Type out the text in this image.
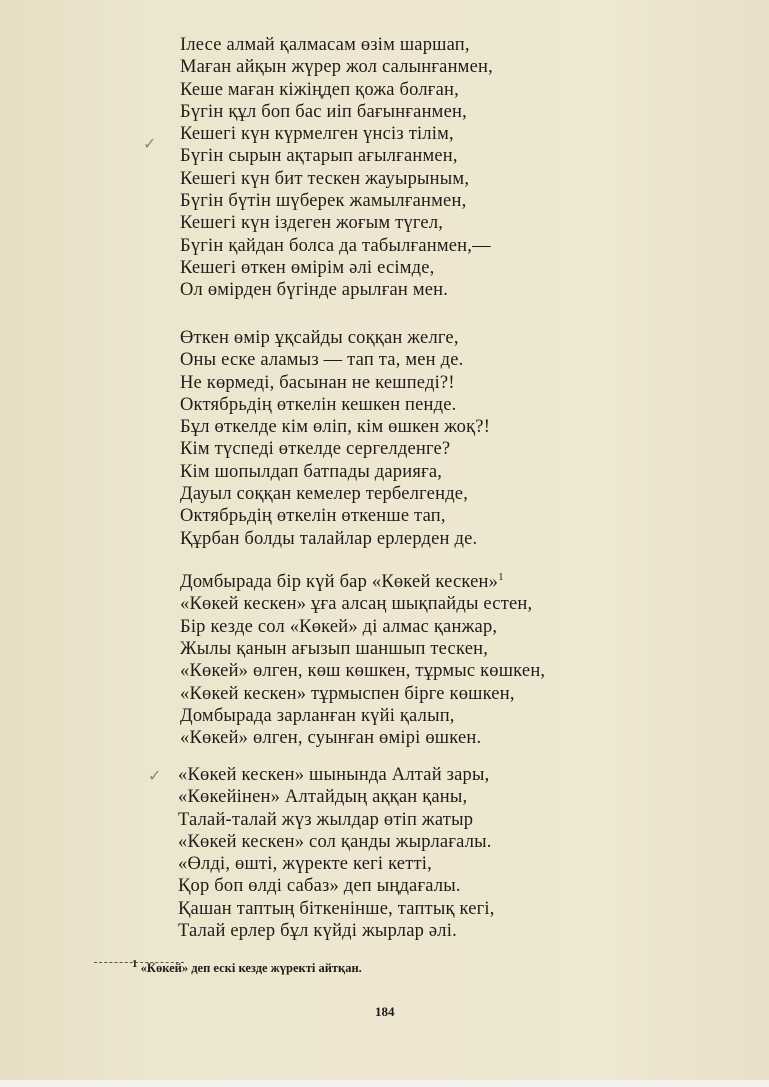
Ілесе алмай қалмасам өзім шаршап,
Маған айқын жүрер жол салынғанмен,
Кеше маған кіжіңдеп қожа болған,
Бүгін құл боп бас иіп бағынғанмен,
Кешегі күн күрмелген үнсіз тілім,
Бүгін сырын ақтарып ағылғанмен,
Кешегі күн бит тескен жауырыным,
Бүгін бүтін шүберек жамылғанмен,
Кешегі күн іздеген жоғым түгел,
Бүгін қайдан болса да табылғанмен,—
Кешегі өткен өмірім әлі есімде,
Ол өмірден бүгінде арылған мен.
Өткен өмір ұқсайды соққан желге,
Оны еске аламыз — тап та, мен де.
Не көрмеді, басынан не кешпеді?!
Октябрьдің өткелін кешкен пенде.
Бұл өткелде кім өліп, кім өшкен жоқ?!
Кім түспеді өткелде сергелденге?
Кім шопылдап батпады дарияға,
Дауыл соққан кемелер тербелгенде,
Октябрьдің өткелін өткенше тап,
Құрбан болды талайлар ерлерден де.
Домбырада бір күй бар «Көкей кескен»$^1$
«Көкей кескен» ұға алсаң шықпайды естен,
Бір кезде сол «Көкей» ді алмас қанжар,
Жылы қанын ағызып шаншып тескен,
«Көкей» өлген, көш көшкен, тұрмыс көшкен,
«Көкей кескен» тұрмыспен бірге көшкен,
Домбырада зарланған күйі қалып,
«Көкей» өлген, суынған өмірі өшкен.
«Көкей кескен» шынында Алтай зары,
«Көкейінен» Алтайдың аққан қаны,
Талай-талай жүз жылдар өтіп жатыр
«Көкей кескен» сол қанды жырлағалы.
«Өлді, өшті, жүректе кегі кетті,
Қор боп өлді сабаз» деп ыңдағалы.
Қашан таптың біткенінше, таптық кегі,
Талай ерлер бұл күйді жырлар әлі.
✓
✓
$^1$ «Көкей» деп ескі кезде жүректі айтқан.
184
